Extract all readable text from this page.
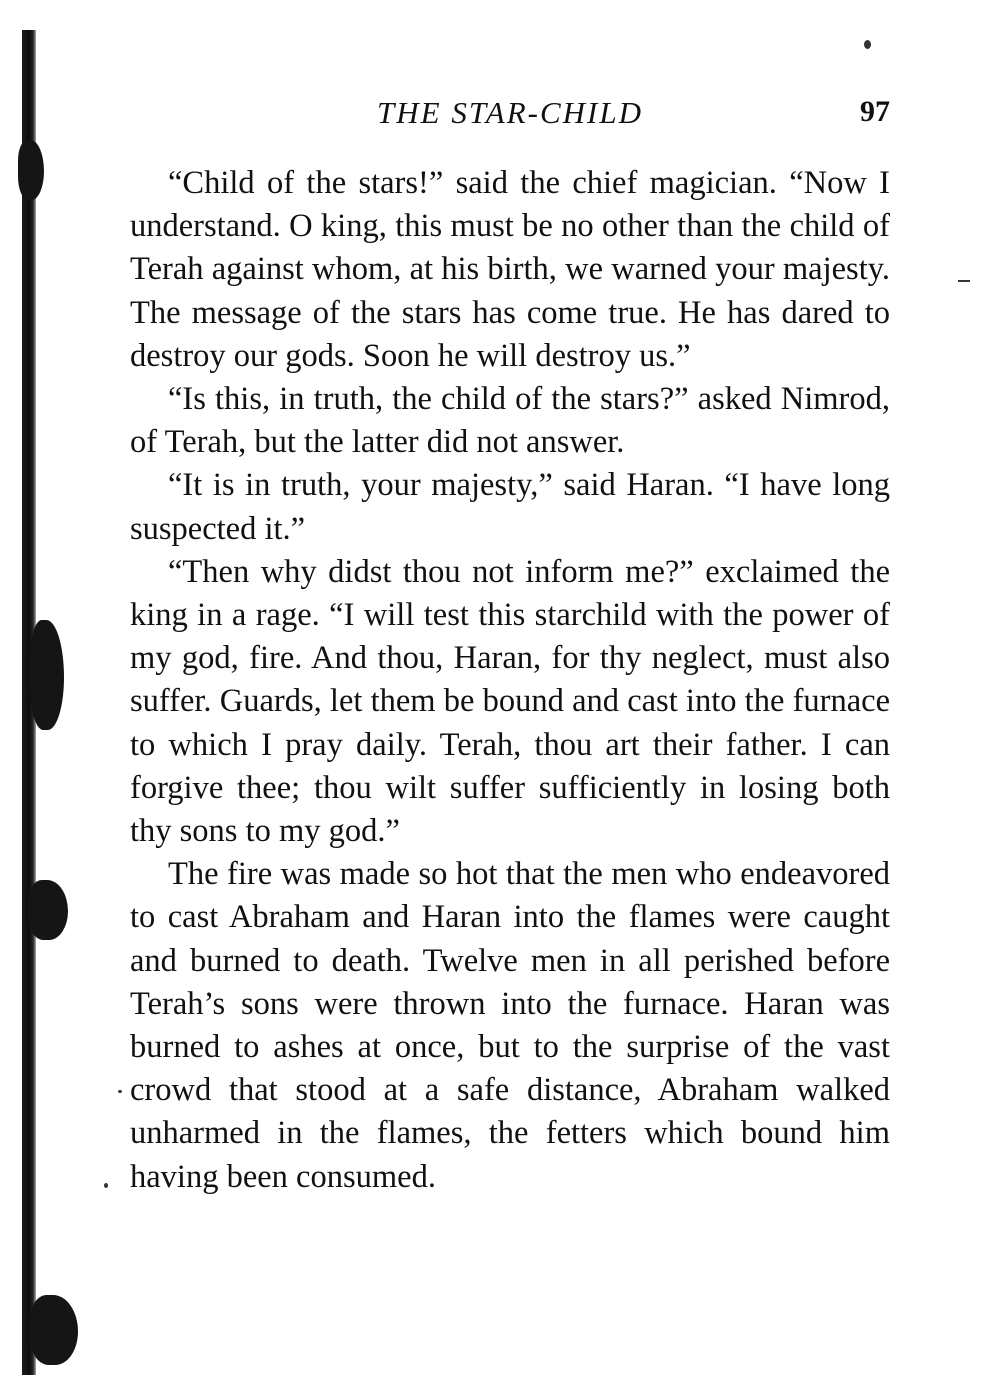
THE STAR-CHILD	97

“Child of the stars!” said the chief magician. “Now I understand. O king, this must be no other than the child of Terah against whom, at his birth, we warned your majesty. The message of the stars has come true. He has dared to destroy our gods. Soon he will destroy us.”

“Is this, in truth, the child of the stars?” asked Nimrod, of Terah, but the latter did not answer.

“It is in truth, your majesty,” said Haran. “I have long suspected it.”

“Then why didst thou not inform me?” exclaimed the king in a rage. “I will test this starchild with the power of my god, fire. And thou, Haran, for thy neglect, must also suffer. Guards, let them be bound and cast into the furnace to which I pray daily. Terah, thou art their father. I can forgive thee; thou wilt suffer sufficiently in losing both thy sons to my god.”

The fire was made so hot that the men who endeavored to cast Abraham and Haran into the flames were caught and burned to death. Twelve men in all perished before Terah’s sons were thrown into the furnace. Haran was burned to ashes at once, but to the surprise of the vast crowd that stood at a safe distance, Abraham walked unharmed in the flames, the fetters which bound him having been consumed.
